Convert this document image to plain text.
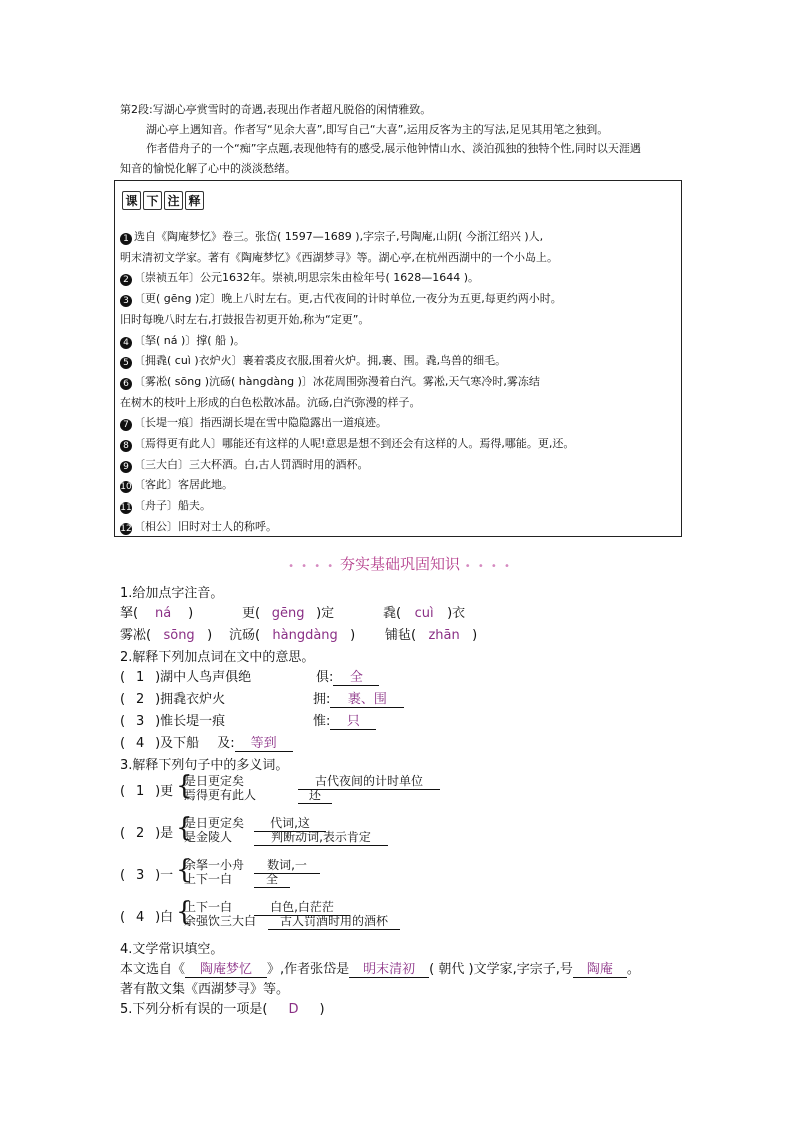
第2段:写湖心亭赏雪时的奇遇,表现出作者超凡脱俗的闲情雅致。

湖心亭上遇知音。作者写“见余大喜”,即写自己“大喜”,运用反客为主的写法,足见其用笔之独到。

作者借舟子的一个“痴”字点题,表现他特有的感受,展示他钟情山水、淡泊孤独的独特个性,同时以天涯遇

知音的愉悦化解了心中的淡淡愁绪。

课 下 注 释
1 选自《陶庵梦忆》卷三。张岱( 1597—1689 ),字宗子,号陶庵,山阴( 今浙江绍兴 )人,
明末清初文学家。著有《陶庵梦忆》《西湖梦寻》等。湖心亭,在杭州西湖中的一个小岛上。
2 〔崇祯五年〕公元1632年。崇祯,明思宗朱由检年号( 1628—1644 )。
3 〔更( gēng )定〕晚上八时左右。更,古代夜间的计时单位,一夜分为五更,每更约两小时。
旧时每晚八时左右,打鼓报告初更开始,称为“定更”。
4 〔拏( ná )〕撑( 船 )。
5 〔拥毳( cuì )衣炉火〕裹着裘皮衣服,围着火炉。拥,裹、围。毳,鸟兽的细毛。
6 〔雾凇( sōng )沆砀( hàngdàng )〕冰花周围弥漫着白汽。雾凇,天气寒冷时,雾冻结
在树木的枝叶上形成的白色松散冰晶。沆砀,白汽弥漫的样子。
7 〔长堤一痕〕指西湖长堤在雪中隐隐露出一道痕迹。
8 〔焉得更有此人〕哪能还有这样的人呢!意思是想不到还会有这样的人。焉得,哪能。更,还。
9 〔三大白〕三大杯酒。白,古人罚酒时用的酒杯。
10 〔客此〕客居此地。
11 〔舟子〕船夫。
12 〔相公〕旧时对士人的称呼。
• • • • 夯实基础巩固知识 • • • •
1.给加点字注音。
拏( ná )	更( gēng )定	毳( cuì )衣
雾凇( sōng ) 沆砀( hàngdàng ) 铺毡( zhān )
2.解释下列加点词在文中的意思。
( 1 )湖中人鸟声俱绝	俱: 全
( 2 )拥毳衣炉火	拥: 裹、围
( 3 )惟长堤一痕	惟: 只
( 4 )及下船 及: 等到
3.解释下列句子中的多义词。
( 1 )更 {
是日更定矣	古代夜间的计时单位
焉得更有此人	还
( 2 )是 {
是日更定矣 代词,这
是金陵人	判断动词,表示肯定
( 3 )一 {
余拏一小舟 数词,一
上下一白	全
( 4 )白 {
上下一白	白色,白茫茫
余强饮三大白 古人罚酒时用的酒杯
4.文学常识填空。
本文选自《 陶庵梦忆 》,作者张岱是 明末清初 ( 朝代 )文学家,字宗子,号 陶庵 。
著有散文集《西湖梦寻》等。
5.下列分析有误的一项是( D )
